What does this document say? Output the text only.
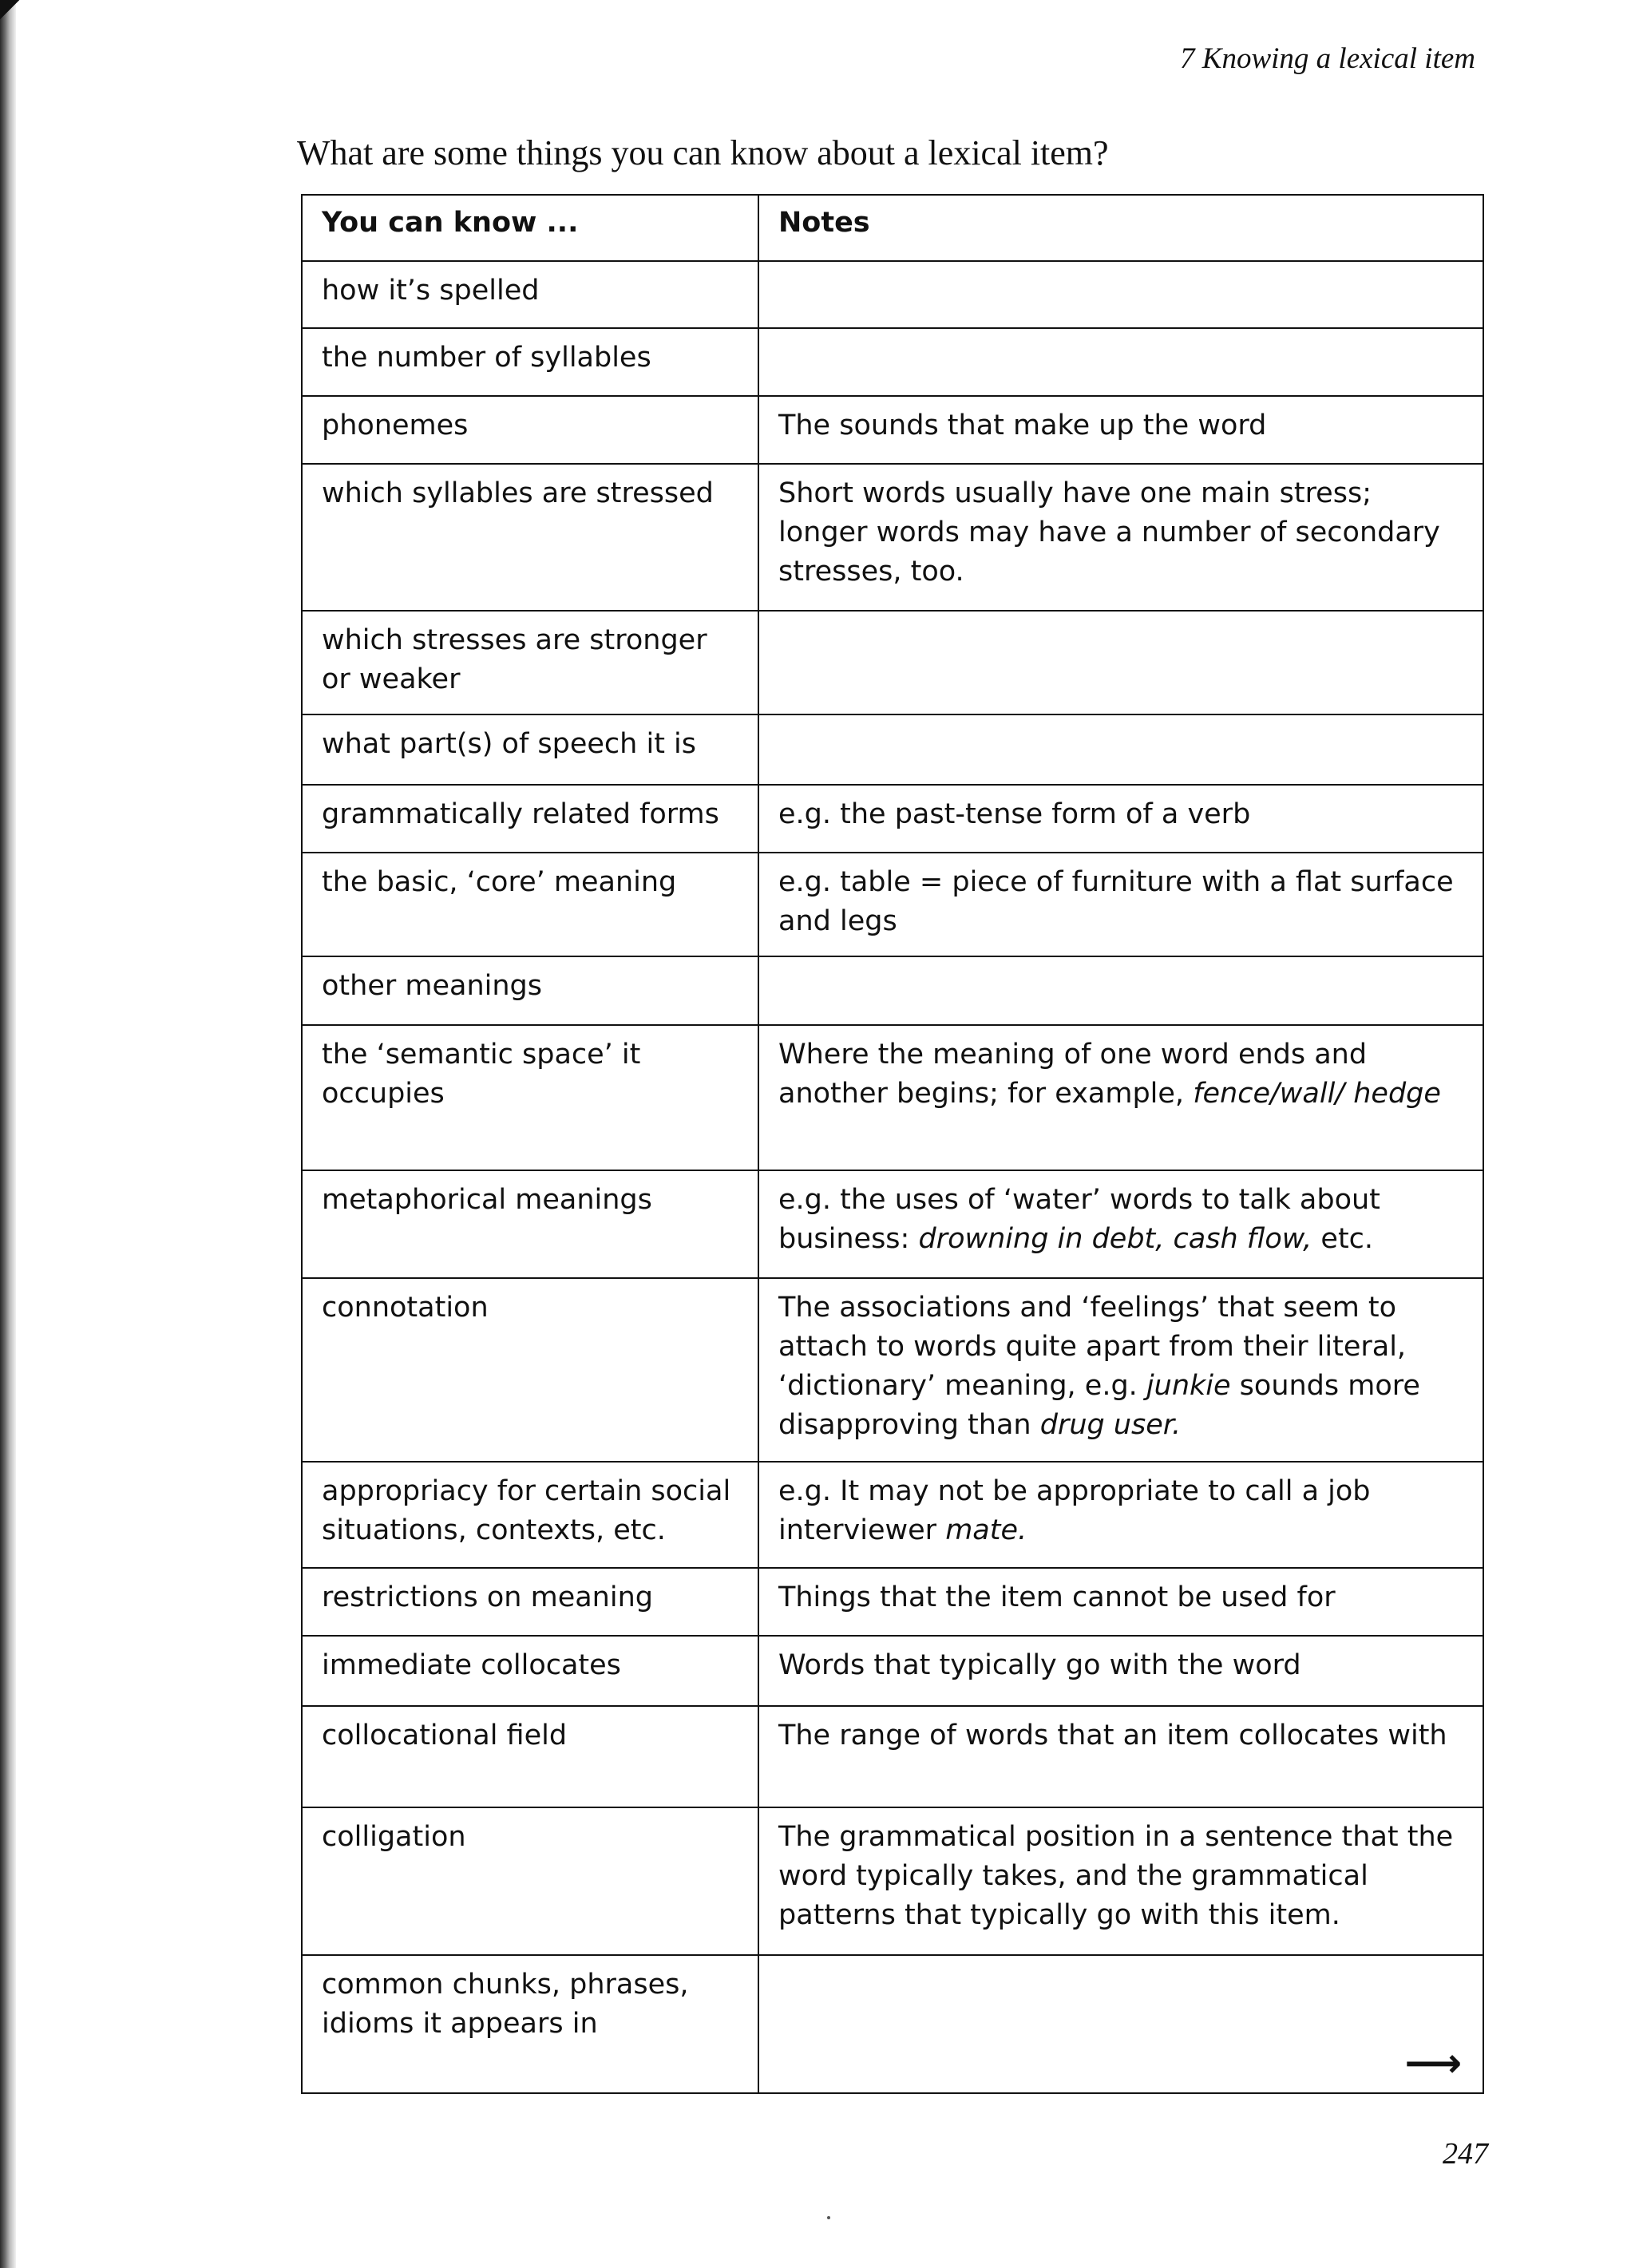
7 Knowing a lexical item
What are some things you can know about a lexical item?
You can know ...	Notes
how it’s spelled	
the number of syllables	
phonemes	The sounds that make up the word
which syllables are stressed	Short words usually have one main stress; longer words may have a number of secondary stresses, too.
which stresses are stronger or weaker	
what part(s) of speech it is	
grammatically related forms	e.g. the past-tense form of a verb
the basic, ‘core’ meaning	e.g. table = piece of furniture with a flat surface and legs
other meanings	
the ‘semantic space’ it occupies	Where the meaning of one word ends and another begins; for example, fence/wall/ hedge
metaphorical meanings	e.g. the uses of ‘water’ words to talk about business: drowning in debt, cash flow, etc.
connotation	The associations and ‘feelings’ that seem to attach to words quite apart from their literal, ‘dictionary’ meaning, e.g. junkie sounds more disapproving than drug user.
appropriacy for certain social situations, contexts, etc.	e.g. It may not be appropriate to call a job interviewer mate.
restrictions on meaning	Things that the item cannot be used for
immediate collocates	Words that typically go with the word
collocational field	The range of words that an item collocates with
colligation	The grammatical position in a sentence that the word typically takes, and the grammatical patterns that typically go with this item.
common chunks, phrases, idioms it appears in	⟶
247
